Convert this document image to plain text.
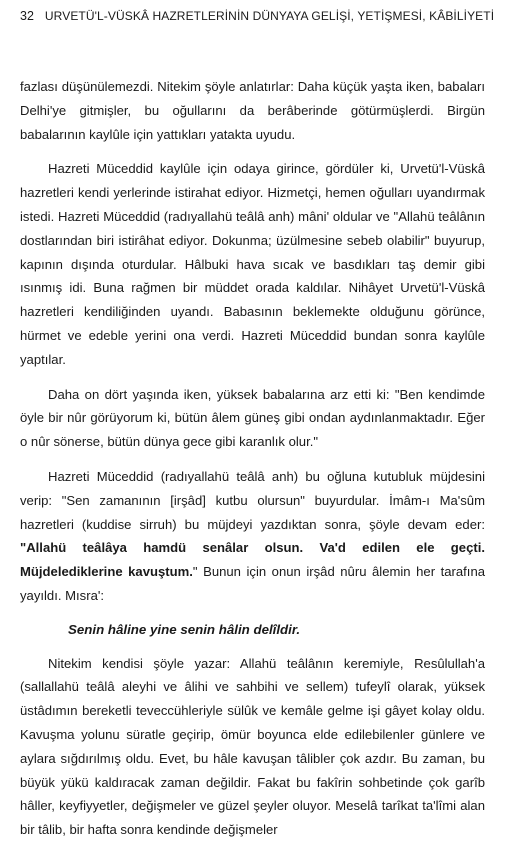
32 URVETÜ'L-VÜSKÂ HAZRETLERİNİN DÜNYAYA GELİŞİ, YETİŞMESİ, KÂBİLİYETİ

fazlası düşünülemezdi. Nitekim şöyle anlatırlar: Daha küçük yaşta iken, babaları Delhi'ye gitmişler, bu oğullarını da berâberinde götürmüşlerdi. Birgün babalarının kaylûle için yattıkları yatakta uyudu.

Hazreti Müceddid kaylûle için odaya girince, gördüler ki, Urvetü'l-Vüskâ hazretleri kendi yerlerinde istirahat ediyor. Hizmetçi, hemen oğulları uyandırmak istedi. Hazreti Müceddid (radıyallahü teâlâ anh) mâni' oldular ve "Allahü teâlânın dostlarından biri istirâhat ediyor. Dokunma; üzülmesine sebeb olabilir" buyurup, kapının dışında oturdular. Hâlbuki hava sıcak ve basdıkları taş demir gibi ısınmış idi. Buna rağmen bir müddet orada kaldılar. Nihâyet Urvetü'l-Vüskâ hazretleri kendiliğinden uyandı. Babasının beklemekte olduğunu görünce, hürmet ve edeble yerini ona verdi. Hazreti Müceddid bundan sonra kaylûle yaptılar.

Daha on dört yaşında iken, yüksek babalarına arz etti ki: "Ben kendimde öyle bir nûr görüyorum ki, bütün âlem güneş gibi ondan aydınlanmaktadır. Eğer o nûr sönerse, bütün dünya gece gibi karanlık olur."

Hazreti Müceddid (radıyallahü teâlâ anh) bu oğluna kutubluk müjdesini verip: "Sen zamanının [irşâd] kutbu olursun" buyurdular. İmâm-ı Ma'sûm hazretleri (kuddise sirruh) bu müjdeyi yazdıktan sonra, şöyle devam eder: "Allahü teâlâya hamdü senâlar olsun. Va'd edilen ele geçti. Müjdelediklerine kavuştum." Bunun için onun irşâd nûru âlemin her tarafına yayıldı. Mısra':

Senin hâline yine senin hâlin delîldir.

Nitekim kendisi şöyle yazar: Allahü teâlânın keremiyle, Resûlullah'a (sallallahü teâlâ aleyhi ve âlihi ve sahbihi ve sellem) tufeylî olarak, yüksek üstâdımın bereketli teveccühleriyle sülûk ve kemâle gelme işi gâyet kolay oldu. Kavuşma yolunu süratle geçirip, ömür boyunca elde edilebilenler günlere ve aylara sığdırılmış oldu. Evet, bu hâle kavuşan tâlibler çok azdır. Bu zaman, bu büyük yükü kaldıracak zaman değildir. Fakat bu fakîrin sohbetinde çok garîb hâller, keyfiyyetler, değişmeler ve güzel şeyler oluyor. Meselâ tarîkat ta'lîmi alan bir tâlib, bir hafta sonra kendinde değişmeler
